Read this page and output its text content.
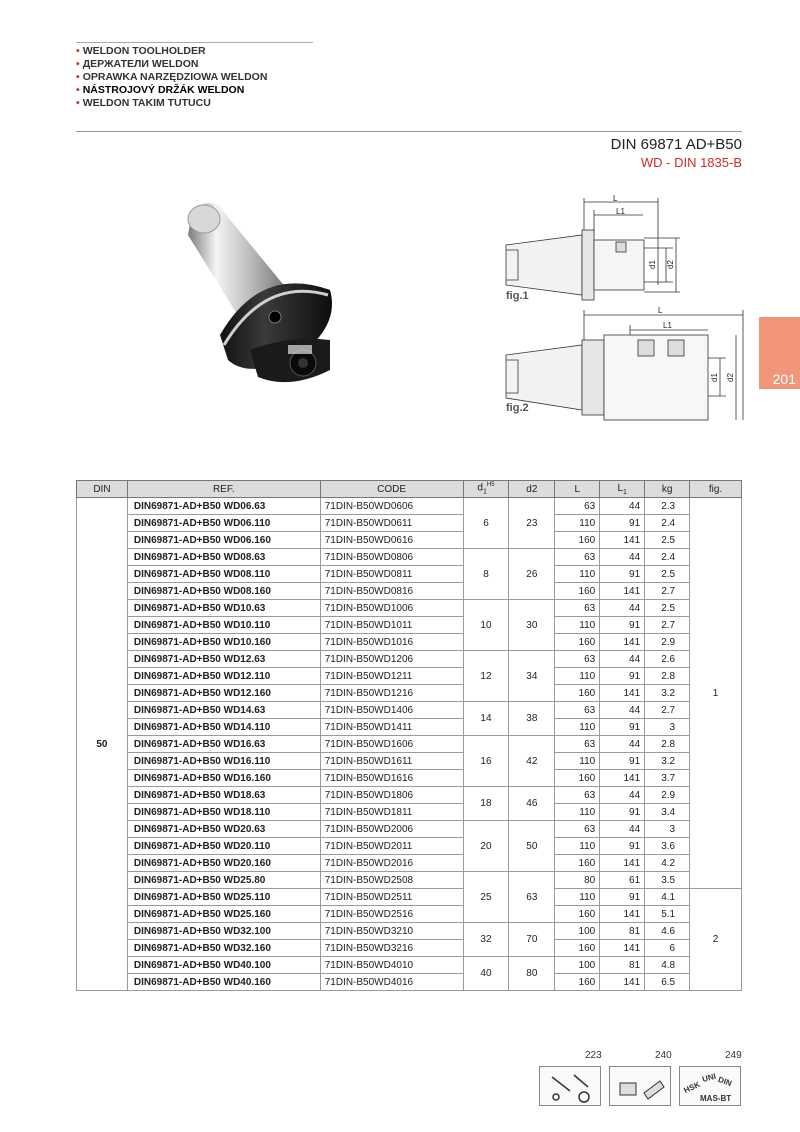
• WELDON TOOLHOLDER
• ДЕРЖАТЕЛИ WELDON
• OPRAWKA NARZĘDZIOWA WELDON
• NÁSTROJOVÝ DRŽÁK WELDON
• WELDON TAKIM TUTUCU
DIN 69871 AD+B50
WD - DIN 1835-B
201
fig.1
fig.2
L
L1
d1 d2
L
L1
d1 d2
DIN	REF.	CODE	$d_1^{H5}$	d2	L	$L_1$	kg	fig.
50	DIN69871-AD+B50 WD06.63	71DIN-B50WD0606	6	23	63	44	2.3	1
	DIN69871-AD+B50 WD06.110	71DIN-B50WD0611			110	91	2.4	
	DIN69871-AD+B50 WD06.160	71DIN-B50WD0616			160	141	2.5	
	DIN69871-AD+B50 WD08.63	71DIN-B50WD0806	8	26	63	44	2.4	
	DIN69871-AD+B50 WD08.110	71DIN-B50WD0811			110	91	2.5	
	DIN69871-AD+B50 WD08.160	71DIN-B50WD0816			160	141	2.7	
	DIN69871-AD+B50 WD10.63	71DIN-B50WD1006	10	30	63	44	2.5	
	DIN69871-AD+B50 WD10.110	71DIN-B50WD1011			110	91	2.7	
	DIN69871-AD+B50 WD10.160	71DIN-B50WD1016			160	141	2.9	
	DIN69871-AD+B50 WD12.63	71DIN-B50WD1206	12	34	63	44	2.6	
	DIN69871-AD+B50 WD12.110	71DIN-B50WD1211			110	91	2.8	
	DIN69871-AD+B50 WD12.160	71DIN-B50WD1216			160	141	3.2	
	DIN69871-AD+B50 WD14.63	71DIN-B50WD1406	14	38	63	44	2.7	
	DIN69871-AD+B50 WD14.110	71DIN-B50WD1411			110	91	3	
	DIN69871-AD+B50 WD16.63	71DIN-B50WD1606	16	42	63	44	2.8	
	DIN69871-AD+B50 WD16.110	71DIN-B50WD1611			110	91	3.2	
	DIN69871-AD+B50 WD16.160	71DIN-B50WD1616			160	141	3.7	
	DIN69871-AD+B50 WD18.63	71DIN-B50WD1806	18	46	63	44	2.9	
	DIN69871-AD+B50 WD18.110	71DIN-B50WD1811			110	91	3.4	
	DIN69871-AD+B50 WD20.63	71DIN-B50WD2006	20	50	63	44	3	
	DIN69871-AD+B50 WD20.110	71DIN-B50WD2011			110	91	3.6	
	DIN69871-AD+B50 WD20.160	71DIN-B50WD2016			160	141	4.2	
	DIN69871-AD+B50 WD25.80	71DIN-B50WD2508	25	63	80	61	3.5	
	DIN69871-AD+B50 WD25.110	71DIN-B50WD2511			110	91	4.1	2
	DIN69871-AD+B50 WD25.160	71DIN-B50WD2516			160	141	5.1	
	DIN69871-AD+B50 WD32.100	71DIN-B50WD3210	32	70	100	81	4.6	
	DIN69871-AD+B50 WD32.160	71DIN-B50WD3216			160	141	6	
	DIN69871-AD+B50 WD40.100	71DIN-B50WD4010	40	80	100	81	4.8	
	DIN69871-AD+B50 WD40.160	71DIN-B50WD4016			160	141	6.5	
223	240	249
UNI DIN
HSK
MAS-BT
